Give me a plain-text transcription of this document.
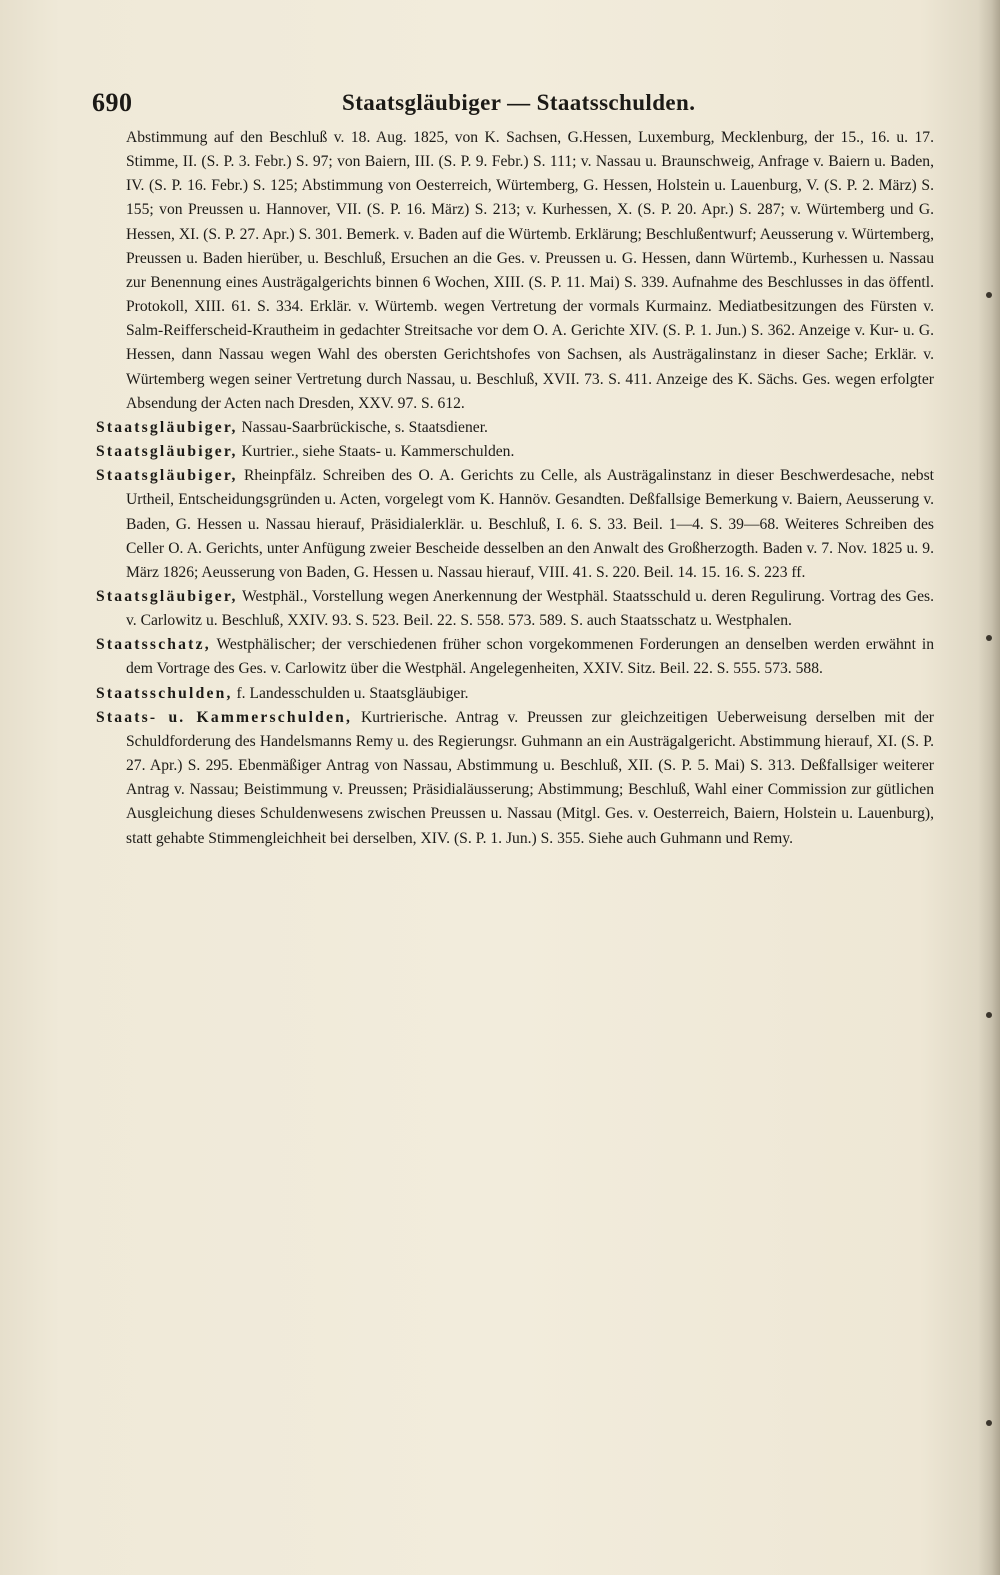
690	Staatsgläubiger — Staatsschulden.

Abstimmung auf den Beschluß v. 18. Aug. 1825, von K. Sachsen, G.Hessen, Luxemburg, Mecklenburg, der 15., 16. u. 17. Stimme, II. (S. P. 3. Febr.) S. 97; von Baiern, III. (S. P. 9. Febr.) S. 111; v. Nassau u. Braunschweig, Anfrage v. Baiern u. Baden, IV. (S. P. 16. Febr.) S. 125; Abstimmung von Oesterreich, Würtemberg, G. Hessen, Holstein u. Lauenburg, V. (S. P. 2. März) S. 155; von Preussen u. Hannover, VII. (S. P. 16. März) S. 213; v. Kurhessen, X. (S. P. 20. Apr.) S. 287; v. Würtemberg und G. Hessen, XI. (S. P. 27. Apr.) S. 301. Bemerk. v. Baden auf die Würtemb. Erklärung; Beschlußentwurf; Aeusserung v. Würtemberg, Preussen u. Baden hierüber, u. Beschluß, Ersuchen an die Ges. v. Preussen u. G. Hessen, dann Würtemb., Kurhessen u. Nassau zur Benennung eines Austrägalgerichts binnen 6 Wochen, XIII. (S. P. 11. Mai) S. 339. Aufnahme des Beschlusses in das öffentl. Protokoll, XIII. 61. S. 334. Erklär. v. Würtemb. wegen Vertretung der vormals Kurmainz. Mediatbesitzungen des Fürsten v. Salm-Reifferscheid-Krautheim in gedachter Streitsache vor dem O. A. Gerichte XIV. (S. P. 1. Jun.) S. 362. Anzeige v. Kur- u. G. Hessen, dann Nassau wegen Wahl des obersten Gerichtshofes von Sachsen, als Austrägalinstanz in dieser Sache; Erklär. v. Würtemberg wegen seiner Vertretung durch Nassau, u. Beschluß, XVII. 73. S. 411. Anzeige des K. Sächs. Ges. wegen erfolgter Absendung der Acten nach Dresden, XXV. 97. S. 612.

Staatsgläubiger, Nassau-Saarbrückische, s. Staatsdiener.

Staatsgläubiger, Kurtrier., siehe Staats- u. Kammerschulden.

Staatsgläubiger, Rheinpfälz. Schreiben des O. A. Gerichts zu Celle, als Austrägalinstanz in dieser Beschwerdesache, nebst Urtheil, Entscheidungsgründen u. Acten, vorgelegt vom K. Hannöv. Gesandten. Deßfallsige Bemerkung v. Baiern, Aeusserung v. Baden, G. Hessen u. Nassau hierauf, Präsidialerklär. u. Beschluß, I. 6. S. 33. Beil. 1—4. S. 39—68. Weiteres Schreiben des Celler O. A. Gerichts, unter Anfügung zweier Bescheide desselben an den Anwalt des Großherzogth. Baden v. 7. Nov. 1825 u. 9. März 1826; Aeusserung von Baden, G. Hessen u. Nassau hierauf, VIII. 41. S. 220. Beil. 14. 15. 16. S. 223 ff.

Staatsgläubiger, Westphäl., Vorstellung wegen Anerkennung der Westphäl. Staatsschuld u. deren Regulirung. Vortrag des Ges. v. Carlowitz u. Beschluß, XXIV. 93. S. 523. Beil. 22. S. 558. 573. 589. S. auch Staatsschatz u. Westphalen.

Staatsschatz, Westphälischer; der verschiedenen früher schon vorgekommenen Forderungen an denselben werden erwähnt in dem Vortrage des Ges. v. Carlowitz über die Westphäl. Angelegenheiten, XXIV. Sitz. Beil. 22. S. 555. 573. 588.

Staatsschulden, f. Landesschulden u. Staatsgläubiger.

Staats- u. Kammerschulden, Kurtrierische. Antrag v. Preussen zur gleichzeitigen Ueberweisung derselben mit der Schuldforderung des Handelsmanns Remy u. des Regierungsr. Guhmann an ein Austrägalgericht. Abstimmung hierauf, XI. (S. P. 27. Apr.) S. 295. Ebenmäßiger Antrag von Nassau, Abstimmung u. Beschluß, XII. (S. P. 5. Mai) S. 313. Deßfallsiger weiterer Antrag v. Nassau; Beistimmung v. Preussen; Präsidialäusserung; Abstimmung; Beschluß, Wahl einer Commission zur gütlichen Ausgleichung dieses Schuldenwesens zwischen Preussen u. Nassau (Mitgl. Ges. v. Oesterreich, Baiern, Holstein u. Lauenburg), statt gehabte Stimmengleichheit bei derselben, XIV. (S. P. 1. Jun.) S. 355. Siehe auch Guhmann und Remy.
